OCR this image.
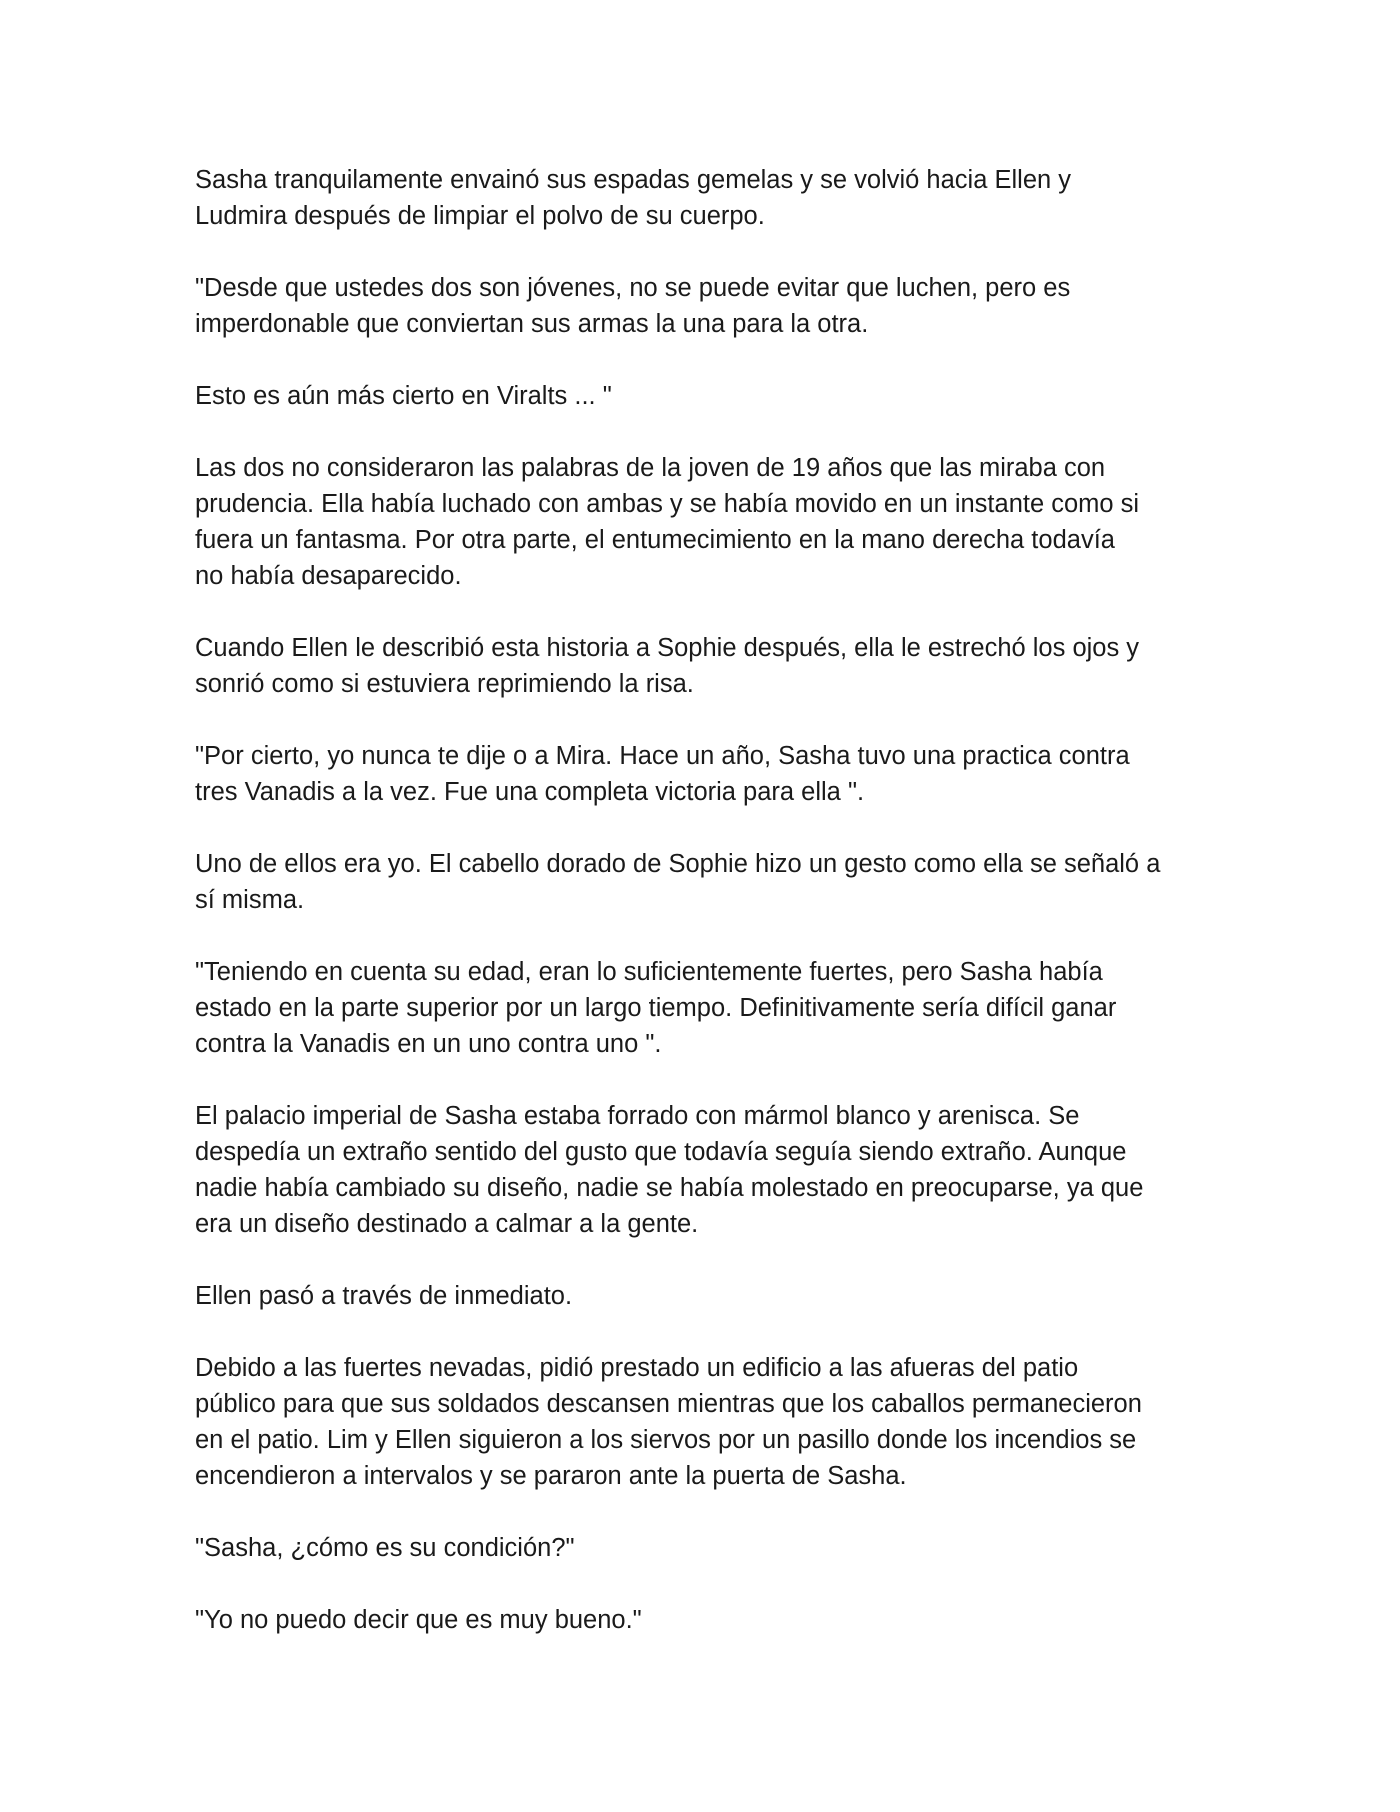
Sasha tranquilamente envainó sus espadas gemelas y se volvió hacia Ellen y
Ludmira después de limpiar el polvo de su cuerpo.

"Desde que ustedes dos son jóvenes, no se puede evitar que luchen, pero es
imperdonable que conviertan sus armas la una para la otra.

Esto es aún más cierto en Viralts ... "

Las dos no consideraron las palabras de la joven de 19 años que las miraba con
prudencia. Ella había luchado con ambas y se había movido en un instante como si
fuera un fantasma. Por otra parte, el entumecimiento en la mano derecha todavía
no había desaparecido.

Cuando Ellen le describió esta historia a Sophie después, ella le estrechó los ojos y
sonrió como si estuviera reprimiendo la risa.

"Por cierto, yo nunca te dije o a Mira. Hace un año, Sasha tuvo una practica contra
tres Vanadis a la vez. Fue una completa victoria para ella ".

Uno de ellos era yo. El cabello dorado de Sophie hizo un gesto como ella se señaló a
sí misma.

"Teniendo en cuenta su edad, eran lo suficientemente fuertes, pero Sasha había
estado en la parte superior por un largo tiempo. Definitivamente sería difícil ganar
contra la Vanadis en un uno contra uno ".

El palacio imperial de Sasha estaba forrado con mármol blanco y arenisca. Se
despedía un extraño sentido del gusto que todavía seguía siendo extraño. Aunque
nadie había cambiado su diseño, nadie se había molestado en preocuparse, ya que
era un diseño destinado a calmar a la gente.

Ellen pasó a través de inmediato.

Debido a las fuertes nevadas, pidió prestado un edificio a las afueras del patio
público para que sus soldados descansen mientras que los caballos permanecieron
en el patio. Lim y Ellen siguieron a los siervos por un pasillo donde los incendios se
encendieron a intervalos y se pararon ante la puerta de Sasha.

"Sasha, ¿cómo es su condición?"

"Yo no puedo decir que es muy bueno."
